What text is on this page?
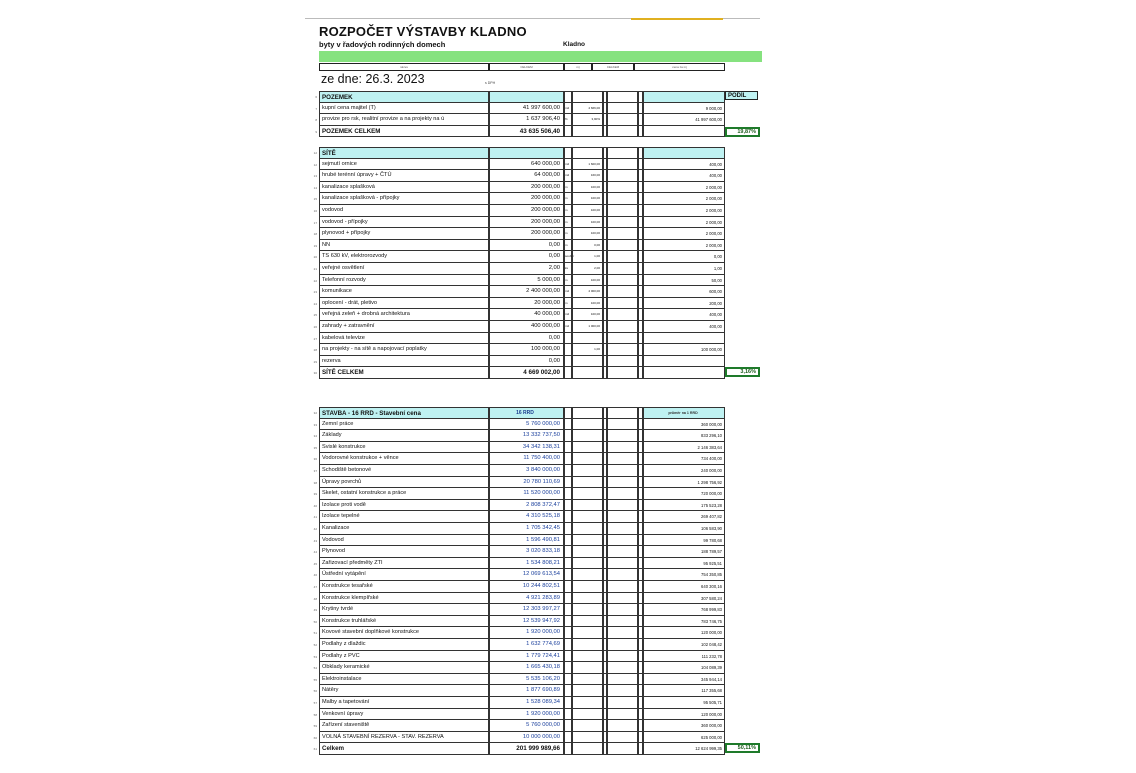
ROZPOČET VÝSTAVBY KLADNO
byty v řadových rodinných domech	Kladno
název	CELKEM	mj	CELKEM	cena za mj
ze dne: 26.3. 2023	s DPH
PODÍL
6 POZEMEK
7 kupní cena majitel (T)	41 997 600,00	m2	4 666,00	9 000,00
8 provize pro rsk, realitní provize a na projekty na ú	1 637 906,40	%	3,90%	41 997 600,00
9 POZEMEK CELKEM	43 635 506,40
12 SÍTĚ
12 sejmutí ornice	640 000,00	m2	1 600,00	400,00
13 hrubé terénní úpravy + ČTÚ	64 000,00	m2	160,00	400,00
14 kanalizace splašková	200 000,00	m	100,00	2 000,00
15 kanalizace splašková - přípojky	200 000,00	m	100,00	2 000,00
16 vodovod	200 000,00	m	100,00	2 000,00
17 vodovod - přípojky	200 000,00	m	100,00	2 000,00
18 plynovod + přípojky	200 000,00	m	100,00	2 000,00
19 NN	0,00	m	0,00	2 000,00
20 TS 630 kV, elektrorozvody	0,00	soubor	1,00	0,00
21 veřejné osvětlení	2,00	ks	2,00	1,00
22 Telefonní rozvody	5 000,00	m	100,00	50,00
23 komunikace	2 400 000,00	m2	4 000,00	600,00
24 oplocení - drát, pletivo	20 000,00	m	100,00	200,00
25 veřejná zeleň + drobná architektura	40 000,00	m2	100,00	400,00
26 zahrady + zatravnění	400 000,00	m2	1 000,00	400,00
27 kabelová televize	0,00
28 na projekty - na sítě a napojovací poplatky	100 000,00	1,00	100 000,00
29 rezerva	0,00
30 SÍTĚ CELKEM	4 669 002,00
32 STAVBA - 16 RRD - Stavební cena	16 RRD	průměr na 1 RRD
33 Zemní práce	5 760 000,00	360 000,00
34 Základy	13 332 737,50	833 296,10
35 Svislé konstrukce	34 342 138,31	2 146 383,64
36 Vodorovné konstrukce + věnce	11 750 400,00	734 400,00
37 Schodiště betonové	3 840 000,00	240 000,00
38 Úpravy povrchů	20 780 110,69	1 298 756,92
39 Skelet, ostatní konstrukce a práce	11 520 000,00	720 000,00
40 Izolace proti vodě	2 808 372,47	175 523,28
41 Izolace tepelné	4 310 525,18	269 407,82
42 Kanalizace	1 705 342,45	106 583,90
43 Vodovod	1 596 490,81	99 780,68
44 Plynovod	3 020 833,18	188 789,57
45 Zařizovací předměty ZTI	1 534 808,21	95 925,51
46 Ústřední vytápění	12 069 613,54	754 350,85
47 Konstrukce tesařské	10 244 802,51	640 300,16
48 Konstrukce klempířské	4 921 283,89	307 580,24
49 Krytiny tvrdé	12 303 997,27	768 999,83
50 Konstrukce truhlářské	12 539 947,92	783 746,75
51 Kovové stavební doplňkové konstrukce	1 920 000,00	120 000,00
52 Podlahy z dlaždic	1 632 774,69	102 048,42
53 Podlahy z PVC	1 779 724,41	111 232,78
54 Obklady keramické	1 665 430,18	104 089,39
55 Elektroinstalace	5 535 106,20	345 944,14
56 Nátěry	1 877 690,89	117 355,68
57 Malby a tapetování	1 528 089,34	95 505,71
58 Venkovní úpravy	1 920 000,00	120 000,00
59 Zařízení staveniště	5 760 000,00	360 000,00
60 VOLNÁ STAVEBNÍ REZERVA - STAV. REZERVA	10 000 000,00	625 000,00
61 Celkem	201 999 989,66	12 624 999,35
19,87%
3,16%
50,11%
